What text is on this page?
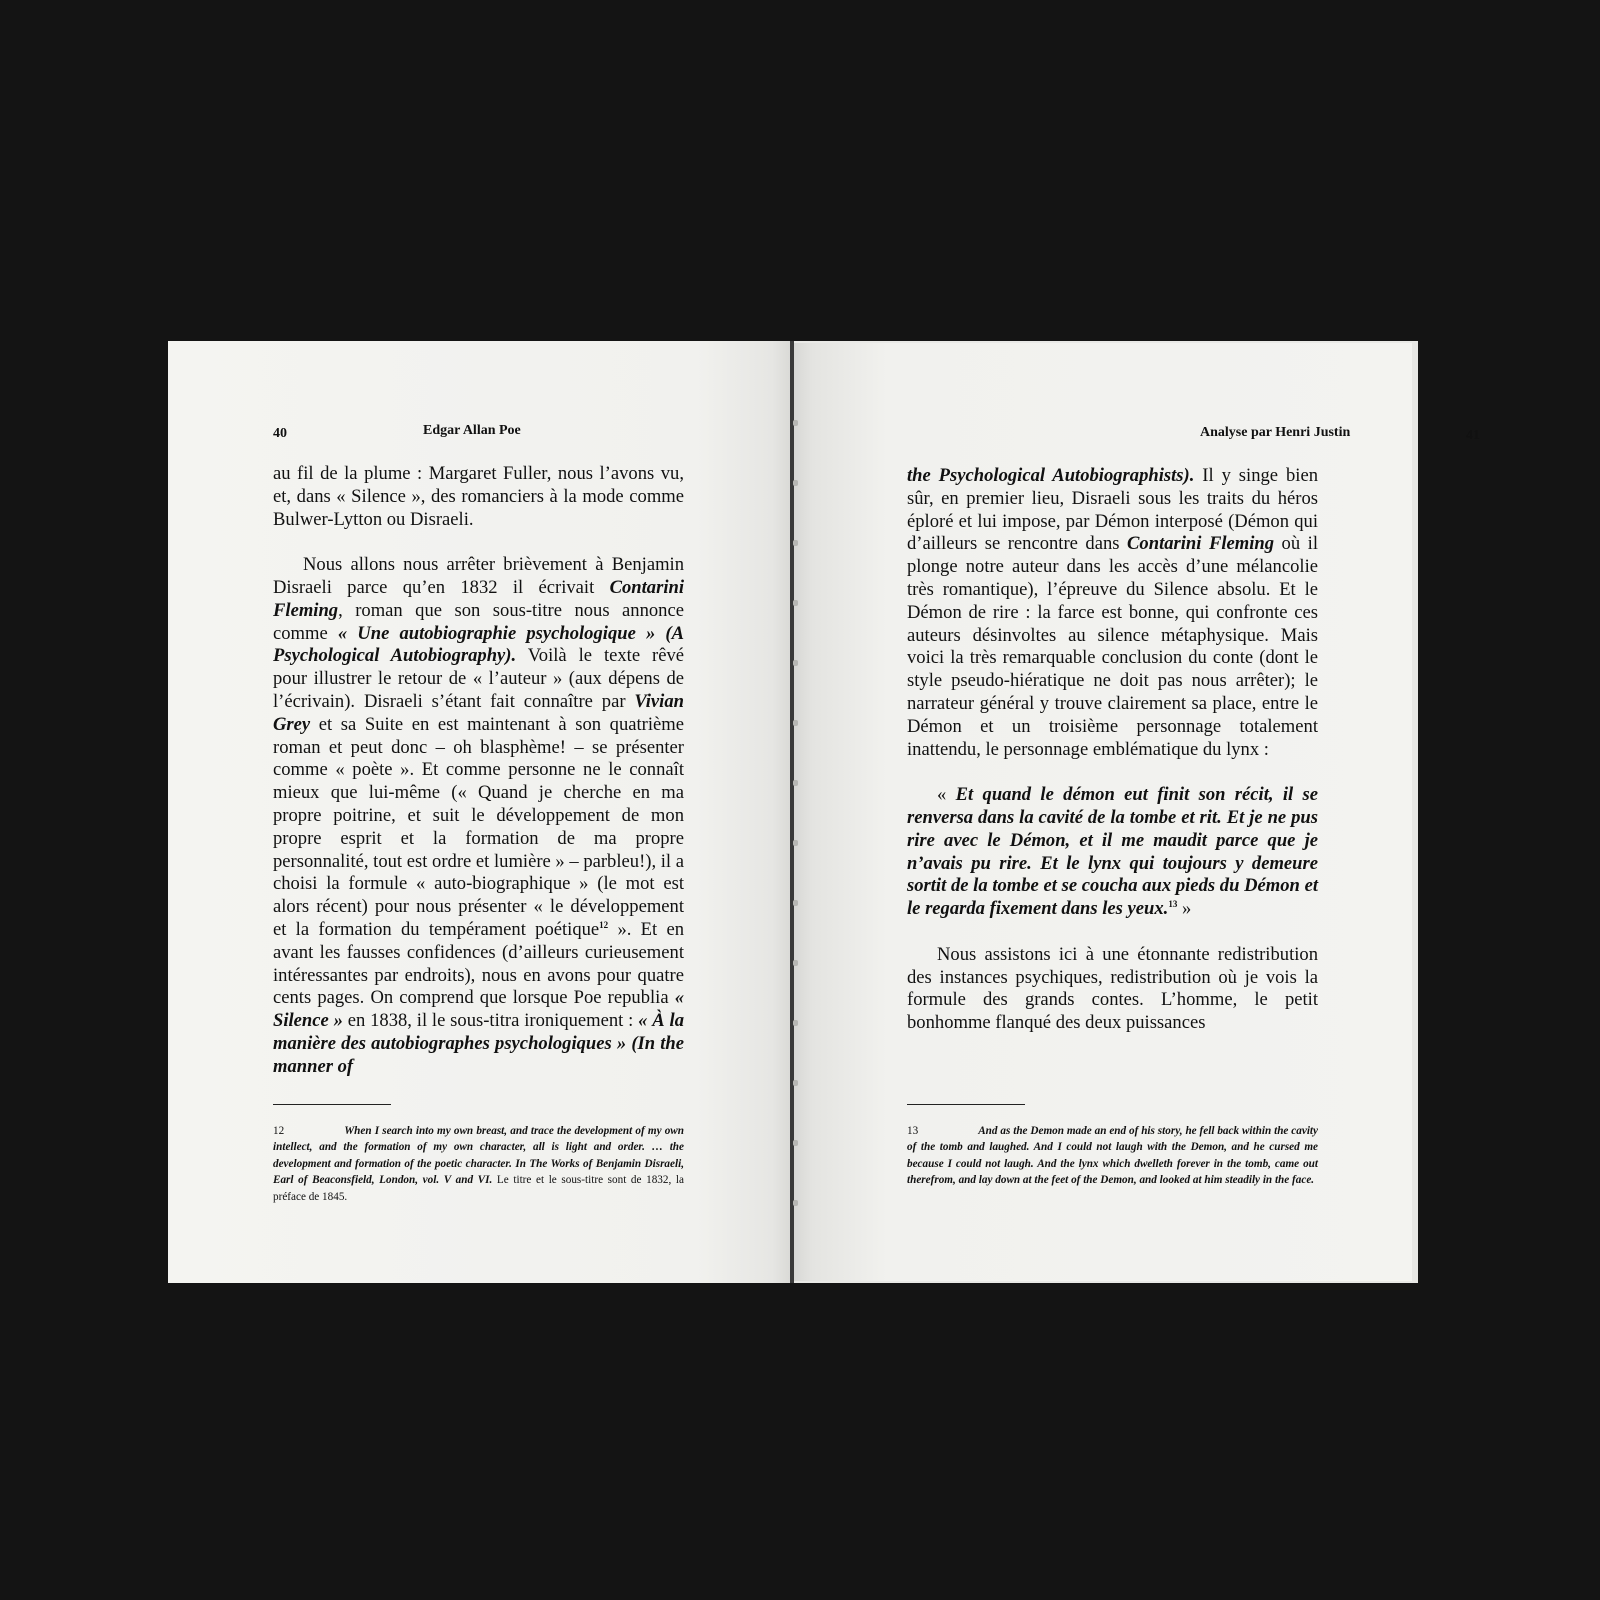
40	Edgar Allan Poe

au fil de la plume : Margaret Fuller, nous l’avons vu, et, dans « Silence », des romanciers à la mode comme Bulwer-Lytton ou Disraeli.

Nous allons nous arrêter brièvement à Benjamin Disraeli parce qu’en 1832 il écrivait Contarini Fleming, roman que son sous-titre nous annonce comme « Une autobiographie psychologique » (A Psychological Autobiography). Voilà le texte rêvé pour illustrer le retour de « l’auteur » (aux dépens de l’écrivain). Disraeli s’étant fait connaître par Vivian Grey et sa Suite en est maintenant à son quatrième roman et peut donc – oh blasphème! – se présenter comme « poète ». Et comme personne ne le connaît mieux que lui-même (« Quand je cherche en ma propre poitrine, et suit le développement de mon propre esprit et la formation de ma propre personnalité, tout est ordre et lumière » – parbleu!), il a choisi la formule « auto-biographique » (le mot est alors récent) pour nous présenter « le développement et la formation du tempérament poétique$^{12}$ ». Et en avant les fausses confidences (d’ailleurs curieusement intéressantes par endroits), nous en avons pour quatre cents pages. On comprend que lorsque Poe republia « Silence » en 1838, il le sous-titra ironiquement : « À la manière des autobiographes psychologiques » (In the manner of

12	When I search into my own breast, and trace the development of my own intellect, and the formation of my own character, all is light and order. … the development and formation of the poetic character. In The Works of Benjamin Disraeli, Earl of Beaconsfield, London, vol. V and VI. Le titre et le sous-titre sont de 1832, la préface de 1845.
Analyse par Henri Justin	41

the Psychological Autobiographists). Il y singe bien sûr, en premier lieu, Disraeli sous les traits du héros éploré et lui impose, par Démon interposé (Démon qui d’ailleurs se rencontre dans Contarini Fleming où il plonge notre auteur dans les accès d’une mélancolie très romantique), l’épreuve du Silence absolu. Et le Démon de rire : la farce est bonne, qui confronte ces auteurs désinvoltes au silence métaphysique. Mais voici la très remarquable conclusion du conte (dont le style pseudo-hiératique ne doit pas nous arrêter); le narrateur général y trouve clairement sa place, entre le Démon et un troisième personnage totalement inattendu, le personnage emblématique du lynx :

« Et quand le démon eut finit son récit, il se renversa dans la cavité de la tombe et rit. Et je ne pus rire avec le Démon, et il me maudit parce que je n’avais pu rire. Et le lynx qui toujours y demeure sortit de la tombe et se coucha aux pieds du Démon et le regarda fixement dans les yeux.$^{13}$ »

Nous assistons ici à une étonnante redistribution des instances psychiques, redistribution où je vois la formule des grands contes. L’homme, le petit bonhomme flanqué des deux puissances

13	And as the Demon made an end of his story, he fell back within the cavity of the tomb and laughed. And I could not laugh with the Demon, and he cursed me because I could not laugh. And the lynx which dwelleth forever in the tomb, came out therefrom, and lay down at the feet of the Demon, and looked at him steadily in the face.
